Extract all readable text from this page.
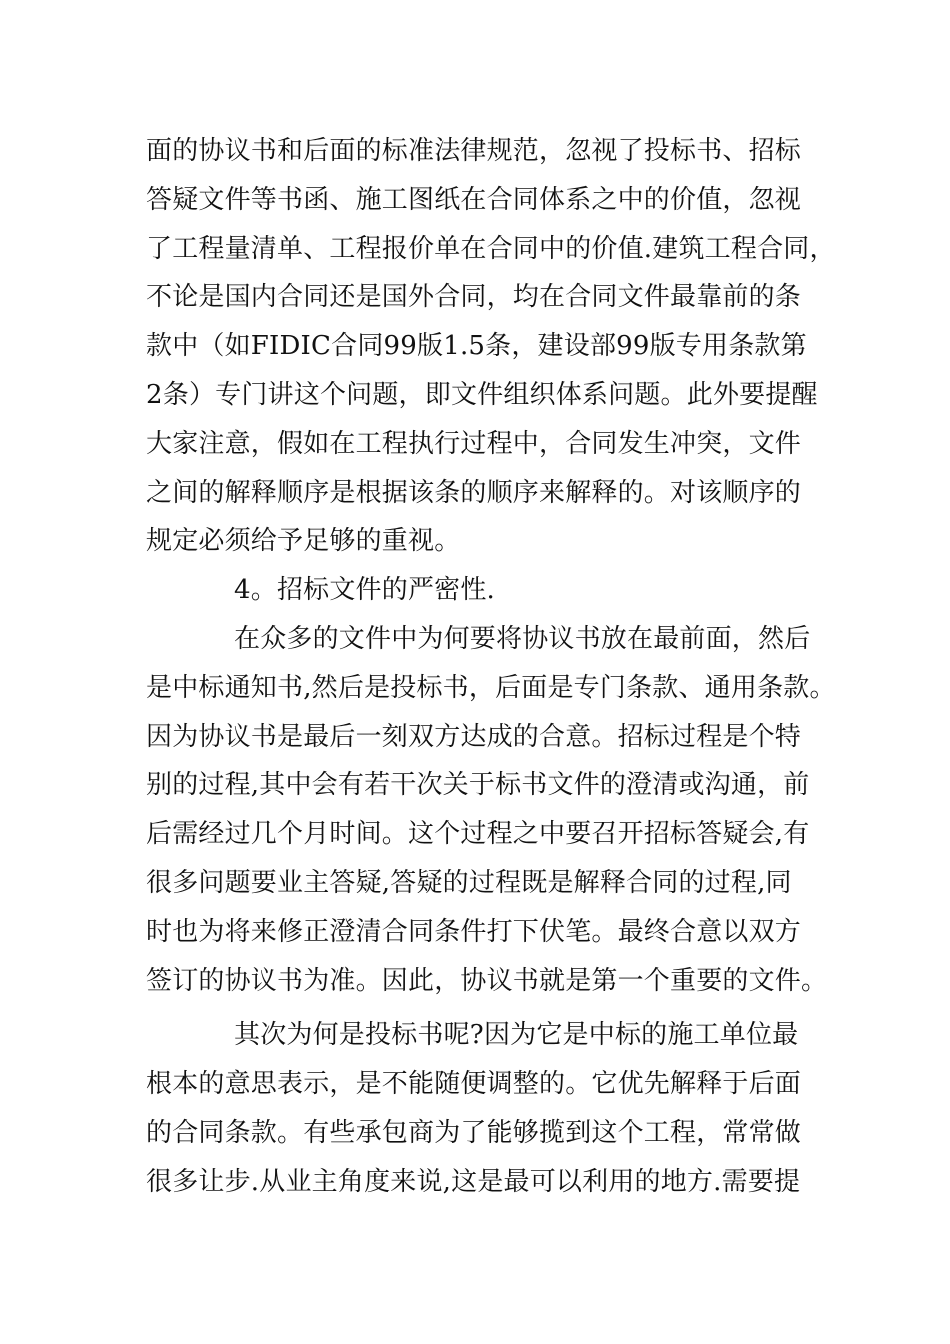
面的协议书和后面的标准法律规范，忽视了投标书、招标
答疑文件等书函、施工图纸在合同体系之中的价值，忽视
了工程量清单、工程报价单在合同中的价值.建筑工程合同，
不论是国内合同还是国外合同，均在合同文件最靠前的条
款中（如FIDIC合同99版1.5条，建设部99版专用条款第
2条）专门讲这个问题，即文件组织体系问题。此外要提醒
大家注意，假如在工程执行过程中，合同发生冲突，文件
之间的解释顺序是根据该条的顺序来解释的。对该顺序的
规定必须给予足够的重视。
4。招标文件的严密性.
在众多的文件中为何要将协议书放在最前面，然后
是中标通知书,然后是投标书，后面是专门条款、通用条款。
因为协议书是最后一刻双方达成的合意。招标过程是个特
别的过程,其中会有若干次关于标书文件的澄清或沟通，前
后需经过几个月时间。这个过程之中要召开招标答疑会,有
很多问题要业主答疑,答疑的过程既是解释合同的过程,同
时也为将来修正澄清合同条件打下伏笔。最终合意以双方
签订的协议书为准。因此，协议书就是第一个重要的文件。
其次为何是投标书呢?因为它是中标的施工单位最
根本的意思表示，是不能随便调整的。它优先解释于后面
的合同条款。有些承包商为了能够揽到这个工程，常常做
很多让步.从业主角度来说,这是最可以利用的地方.需要提
